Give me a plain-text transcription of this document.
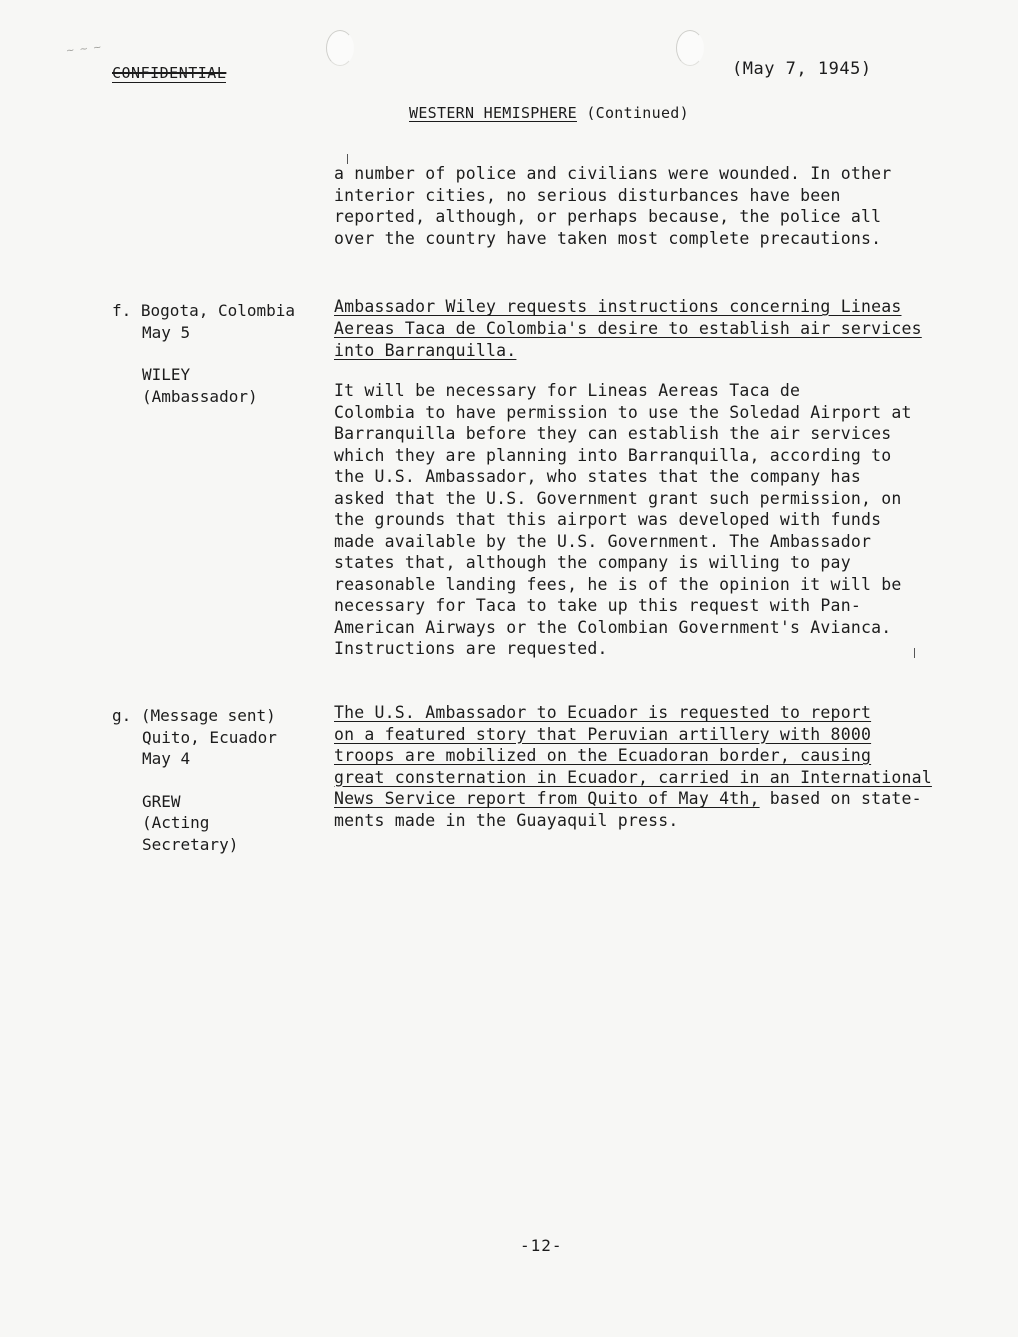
~ ~ ~
CONFIDENTIAL	(May 7, 1945)
WESTERN HEMISPHERE (Continued)

a number of police and civilians were wounded. In other
interior cities, no serious disturbances have been
reported, although, or perhaps because, the police all
over the country have taken most complete precautions.

f. Bogota, Colombia
May 5
WILEY
(Ambassador)

Ambassador Wiley requests instructions concerning Lineas
Aereas Taca de Colombia's desire to establish air services
into Barranquilla.

It will be necessary for Lineas Aereas Taca de
Colombia to have permission to use the Soledad Airport at
Barranquilla before they can establish the air services
which they are planning into Barranquilla, according to
the U.S. Ambassador, who states that the company has
asked that the U.S. Government grant such permission, on
the grounds that this airport was developed with funds
made available by the U.S. Government. The Ambassador
states that, although the company is willing to pay
reasonable landing fees, he is of the opinion it will be
necessary for Taca to take up this request with Pan-
American Airways or the Colombian Government's Avianca.
Instructions are requested.

g. (Message sent)
Quito, Ecuador
May 4
GREW
(Acting
Secretary)

The U.S. Ambassador to Ecuador is requested to report
on a featured story that Peruvian artillery with 8000
troops are mobilized on the Ecuadoran border, causing
great consternation in Ecuador, carried in an International
News Service report from Quito of May 4th, based on state-
ments made in the Guayaquil press.

-12-
